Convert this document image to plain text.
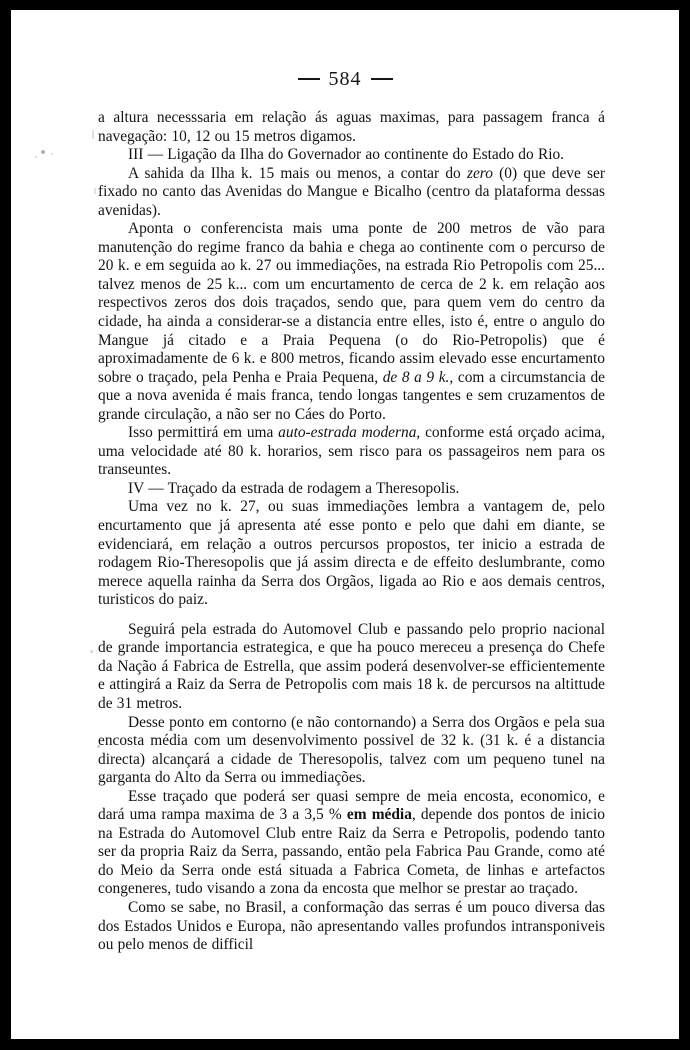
584

a altura necesssaria em relação ás aguas maximas, para passagem franca á navegação: 10, 12 ou 15 metros digamos.

III — Ligação da Ilha do Governador ao continente do Estado do Rio.

A sahida da Ilha k. 15 mais ou menos, a contar do zero (0) que deve ser fixado no canto das Avenidas do Mangue e Bicalho (centro da plataforma dessas avenidas).

Aponta o conferencista mais uma ponte de 200 metros de vão para manutenção do regime franco da bahia e chega ao continente com o percurso de 20 k. e em seguida ao k. 27 ou immediações, na estrada Rio Petropolis com 25... talvez menos de 25 k... com um encurtamento de cerca de 2 k. em relação aos respectivos zeros dos dois traçados, sendo que, para quem vem do centro da cidade, ha ainda a considerar-se a distancia entre elles, isto é, entre o angulo do Mangue já citado e a Praia Pequena (o do Rio-Petropolis) que é aproximadamente de 6 k. e 800 metros, ficando assim elevado esse encurtamento sobre o traçado, pela Penha e Praia Pequena, de 8 a 9 k., com a circumstancia de que a nova avenida é mais franca, tendo longas tangentes e sem cruzamentos de grande circulação, a não ser no Cáes do Porto.

Isso permittirá em uma auto-estrada moderna, conforme está orçado acima, uma velocidade até 80 k. horarios, sem risco para os passageiros nem para os transeuntes.

IV — Traçado da estrada de rodagem a Theresopolis.

Uma vez no k. 27, ou suas immediações lembra a vantagem de, pelo encurtamento que já apresenta até esse ponto e pelo que dahi em diante, se evidenciará, em relação a outros percursos propostos, ter inicio a estrada de rodagem Rio-Theresopolis que já assim directa e de effeito deslumbrante, como merece aquella rainha da Serra dos Orgãos, ligada ao Rio e aos demais centros, turisticos do paiz.

Seguirá pela estrada do Automovel Club e passando pelo proprio nacional de grande importancia estrategica, e que ha pouco mereceu a presença do Chefe da Nação á Fabrica de Estrella, que assim poderá desenvolver-se efficientemente e attingirá a Raiz da Serra de Petropolis com mais 18 k. de percursos na altittude de 31 metros.

Desse ponto em contorno (e não contornando) a Serra dos Orgãos e pela sua encosta média com um desenvolvimento possivel de 32 k. (31 k. é a distancia directa) alcançará a cidade de Theresopolis, talvez com um pequeno tunel na garganta do Alto da Serra ou immediações.

Esse traçado que poderá ser quasi sempre de meia encosta, economico, e dará uma rampa maxima de 3 a 3,5 % em média, depende dos pontos de inicio na Estrada do Automovel Club entre Raiz da Serra e Petropolis, podendo tanto ser da propria Raiz da Serra, passando, então pela Fabrica Pau Grande, como até do Meio da Serra onde está situada a Fabrica Cometa, de linhas e artefactos congeneres, tudo visando a zona da encosta que melhor se prestar ao traçado.

Como se sabe, no Brasil, a conformação das serras é um pouco diversa das dos Estados Unidos e Europa, não apresentando valles profundos intransponiveis ou pelo menos de difficil
